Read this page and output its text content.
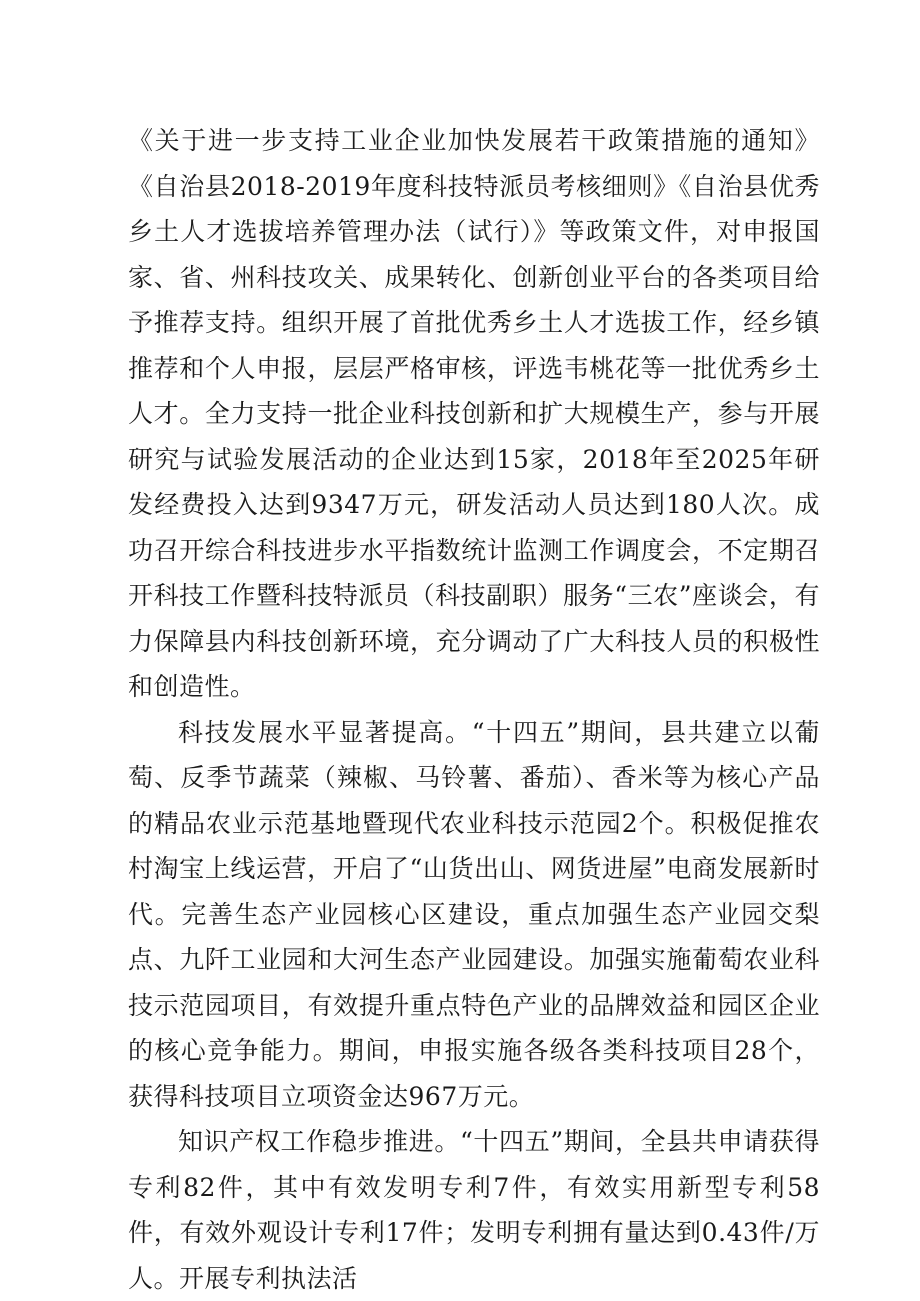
《关于进一步支持工业企业加快发展若干政策措施的通知》《自治县2018-2019年度科技特派员考核细则》《自治县优秀乡土人才选拔培养管理办法（试行）》等政策文件，对申报国家、省、州科技攻关、成果转化、创新创业平台的各类项目给予推荐支持。组织开展了首批优秀乡土人才选拔工作，经乡镇推荐和个人申报，层层严格审核，评选韦桃花等一批优秀乡土人才。全力支持一批企业科技创新和扩大规模生产，参与开展研究与试验发展活动的企业达到15家，2018年至2025年研发经费投入达到9347万元，研发活动人员达到180人次。成功召开综合科技进步水平指数统计监测工作调度会，不定期召开科技工作暨科技特派员（科技副职）服务“三农”座谈会，有力保障县内科技创新环境，充分调动了广大科技人员的积极性和创造性。

科技发展水平显著提高。“十四五”期间，县共建立以葡萄、反季节蔬菜（辣椒、马铃薯、番茄）、香米等为核心产品的精品农业示范基地暨现代农业科技示范园2个。积极促推农村淘宝上线运营，开启了“山货出山、网货进屋”电商发展新时代。完善生态产业园核心区建设，重点加强生态产业园交梨点、九阡工业园和大河生态产业园建设。加强实施葡萄农业科技示范园项目，有效提升重点特色产业的品牌效益和园区企业的核心竞争能力。期间，申报实施各级各类科技项目28个，获得科技项目立项资金达967万元。

知识产权工作稳步推进。“十四五”期间，全县共申请获得专利82件，其中有效发明专利7件，有效实用新型专利58件，有效外观设计专利17件；发明专利拥有量达到0.43件/万人。开展专利执法活
